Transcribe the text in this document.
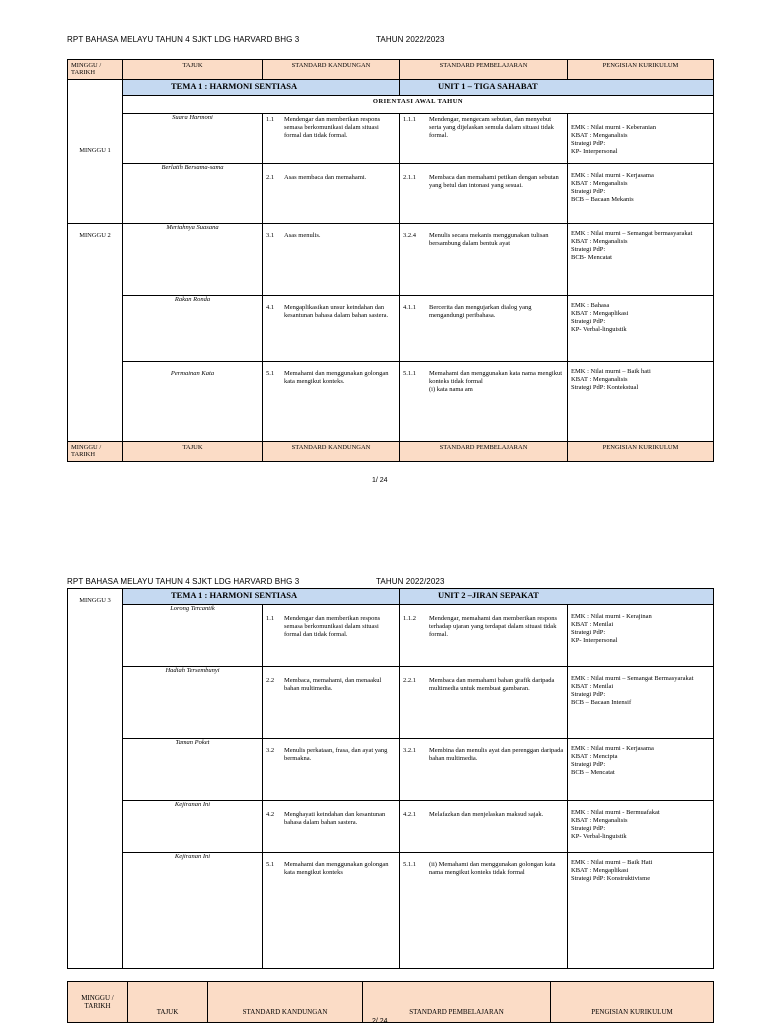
RPT BAHASA MELAYU TAHUN 4 SJKT LDG HARVARD BHG 3	TAHUN 2022/2023
MINGGU / TARIKH	TAJUK	STANDARD KANDUNGAN	STANDARD PEMBELAJARAN	PENGISIAN KURIKULUM
MINGGU 1	TEMA 1 : HARMONI SENTIASA		UNIT 1 – TIGA SAHABAT	
	ORIENTASI AWAL TAHUN			
	Suara Harmoni	1.1 Mendengar dan memberikan respons semasa berkomunikasi dalam situasi formal dan tidak formal.	1.1.1 Mendengar, mengecam sebutan, dan menyebut serta yang dijelaskan semula dalam situasi tidak formal.	EMK : Nilai murni - Keberanian
KBAT : Menganalisis
Strategi PdP:
KP- Interpersonal
	Berlatih Bersama-sama	2.1 Asas membaca dan memahami.	2.1.1 Membaca dan memahami petikan dengan sebutan yang betul dan intonasi yang sesuai.	EMK : Nilai murni - Kerjasama
KBAT : Menganalisis
Strategi PdP:
BCB – Bacaan Mekanis
MINGGU 2	Meriahnya Suasana	3.1 Asas menulis.	3.2.4 Menulis secara mekanis menggunakan tulisan bersambung dalam bentuk ayat	EMK : Nilai murni – Semangat bermasyarakat
KBAT : Menganalisis
Strategi PdP:
BCB- Mencatat
	Rakan Ronda	4.1 Mengaplikasikan unsur keindahan dan kesantunan bahasa dalam bahan sastera.	4.1.1 Bercerita dan mengujarkan dialog yang mengandungi peribahasa.	EMK : Bahasa
KBAT : Mengaplikasi
Strategi PdP:
KP- Verbal-linguistik
	Permainan Kata	5.1 Memahami dan menggunakan golongan kata mengikut konteks.	5.1.1 Memahami dan menggunakan kata nama mengikut konteks tidak formal
(i) kata nama am	EMK : Nilai murni – Baik hati
KBAT : Menganalisis
Strategi PdP: Kontekstual
MINGGU / TARIKH	TAJUK	STANDARD KANDUNGAN	STANDARD PEMBELAJARAN	PENGISIAN KURIKULUM
1/ 24
RPT BAHASA MELAYU TAHUN 4 SJKT LDG HARVARD BHG 3	TAHUN 2022/2023
MINGGU 3	TEMA 1 : HARMONI SENTIASA		UNIT 2 –JIRAN SEPAKAT	
	Lorong Tercantik	1.1 Mendengar dan memberikan respons semasa berkomunikasi dalam situasi formal dan tidak formal.	1.1.2 Mendengar, memahami dan memberikan respons terhadap ujaran yang terdapat dalam situasi tidak formal.	EMK : Nilai murni - Kerajinan
KBAT : Menilai
Strategi PdP:
KP- Interpersonal
	Hadiah Tersembunyi	2.2 Membaca, memahami, dan menaakul bahan multimedia.	2.2.1 Membaca dan memahami bahan grafik daripada multimedia untuk membuat gambaran.	EMK : Nilai murni – Semangat Bermasyarakat
KBAT : Menilai
Strategi PdP:
BCB – Bacaan Intensif
	Taman Poket	3.2 Menulis perkataan, frasa, dan ayat yang bermakna.	3.2.1 Membina dan menulis ayat dan perenggan daripada bahan multimedia.	EMK : Nilai murni - Kerjasama
KBAT : Mencipta
Strategi PdP:
BCB – Mencatat
	Kejiranan Ini	4.2 Menghayati keindahan dan kesantunan bahasa dalam bahan sastera.	4.2.1 Melafazkan dan menjelaskan maksud sajak.	EMK : Nilai murni - Bermuafakat
KBAT : Menganalisis
Strategi PdP:
KP- Verbal-linguistik
	Kejiranan Ini	5.1 Memahami dan menggunakan golongan kata mengikut konteks	5.1.1 (ii) Memahami dan menggunakan golongan kata nama mengikut konteks tidak formal	EMK : Nilai murni – Baik Hati
KBAT : Mengaplikasi
Strategi PdP: Konstruktivisme
MINGGU / TARIKH	TAJUK	STANDARD KANDUNGAN	STANDARD PEMBELAJARAN	PENGISIAN KURIKULUM
2/ 24
